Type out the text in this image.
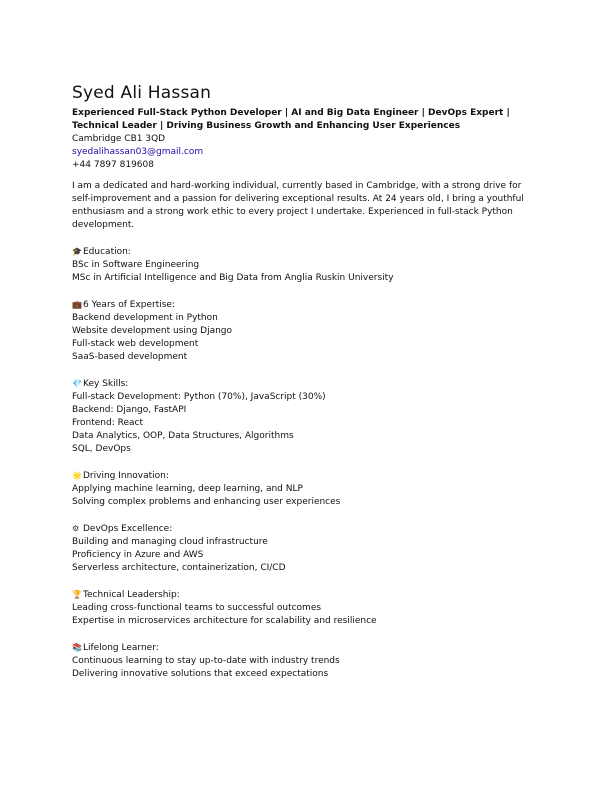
Syed Ali Hassan

Experienced Full-Stack Python Developer | AI and Big Data Engineer | DevOps Expert |

Technical Leader | Driving Business Growth and Enhancing User Experiences

Cambridge CB1 3QD

syedalihassan03@gmail.com

+44 7897 819608

I am a dedicated and hard-working individual, currently based in Cambridge, with a strong drive for
self-improvement and a passion for delivering exceptional results. At 24 years old, I bring a youthful
enthusiasm and a strong work ethic to every project I undertake. Experienced in full-stack Python
development.

🎓Education:

BSc in Software Engineering

MSc in Artificial Intelligence and Big Data from Anglia Ruskin University

💼6 Years of Expertise:

Backend development in Python

Website development using Django

Full-stack web development

SaaS-based development

💎Key Skills:

Full-stack Development: Python (70%), JavaScript (30%)

Backend: Django, FastAPI

Frontend: React

Data Analytics, OOP, Data Structures, Algorithms

SQL, DevOps

🌟Driving Innovation:

Applying machine learning, deep learning, and NLP

Solving complex problems and enhancing user experiences

⚙ DevOps Excellence:

Building and managing cloud infrastructure

Proficiency in Azure and AWS

Serverless architecture, containerization, CI/CD

🏆Technical Leadership:

Leading cross-functional teams to successful outcomes

Expertise in microservices architecture for scalability and resilience

📚Lifelong Learner:

Continuous learning to stay up-to-date with industry trends

Delivering innovative solutions that exceed expectations
